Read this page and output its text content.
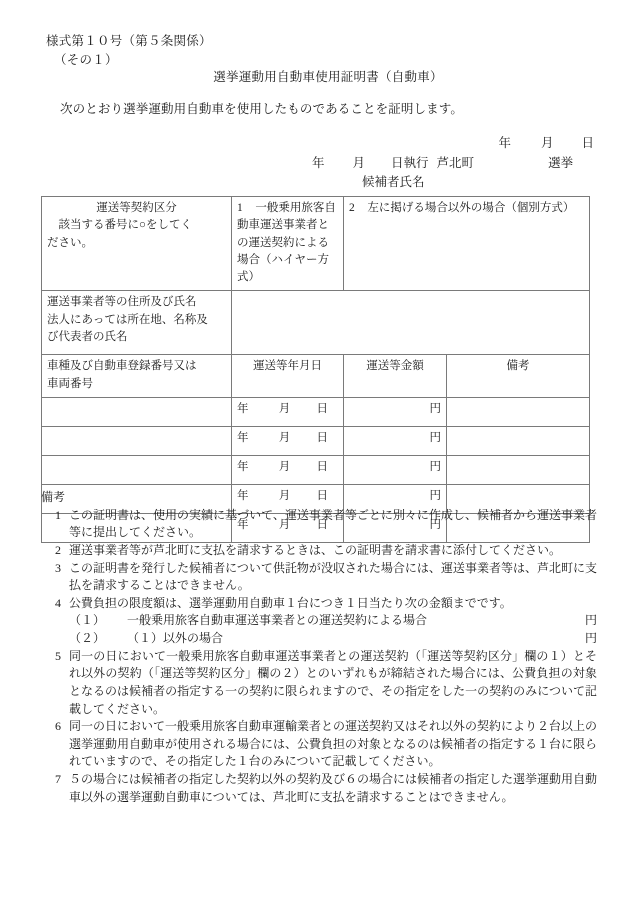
様式第１０号（第５条関係）
（その１）
選挙運動用自動車使用証明書（自動車）
次のとおり選挙運動用自動車を使用したものであることを証明します。
年 月 日
年 月 日執行 芦北町	選挙
候補者氏名
運送等契約区分
該当する番号に○をしてく
ださい。	1 一般乗用旅客自動車運送事業者との運送契約による場合（ハイヤー方式）	2 左に掲げる場合以外の場合（個別方式）	

運送事業者等の住所及び氏名
法人にあっては所在地、名称及
び代表者の氏名			

車種及び自動車登録番号又は
車両番号	運送等年月日	運送等金額	備考
	年 月 日	円	
	年 月 日	円	
	年 月 日	円	
	年 月 日	円	
	年 月 日	円	
備考
1 この証明書は、使用の実績に基づいて、運送事業者等ごとに別々に作成し、候補者から運送事業者等に提出してください。
2 運送事業者等が芦北町に支払を請求するときは、この証明書を請求書に添付してください。
3 この証明書を発行した候補者について供託物が没収された場合には、運送事業者等は、芦北町に支払を請求することはできません。
4 公費負担の限度額は、選挙運動用自動車１台につき１日当たり次の金額までです。
（１）	一般乗用旅客自動車運送事業者との運送契約による場合	円
（２）	（１）以外の場合	円
5 同一の日において一般乗用旅客自動車運送事業者との運送契約（「運送等契約区分」欄の１）とそれ以外の契約（「運送等契約区分」欄の２）とのいずれもが締結された場合には、公費負担の対象となるのは候補者の指定する一の契約に限られますので、その指定をした一の契約のみについて記載してください。
6 同一の日において一般乗用旅客自動車運輸業者との運送契約又はそれ以外の契約により２台以上の選挙運動用自動車が使用される場合には、公費負担の対象となるのは候補者の指定する１台に限られていますので、その指定した１台のみについて記載してください。
7 ５の場合には候補者の指定した契約以外の契約及び６の場合には候補者の指定した選挙運動用自動車以外の選挙運動自動車については、芦北町に支払を請求することはできません。
